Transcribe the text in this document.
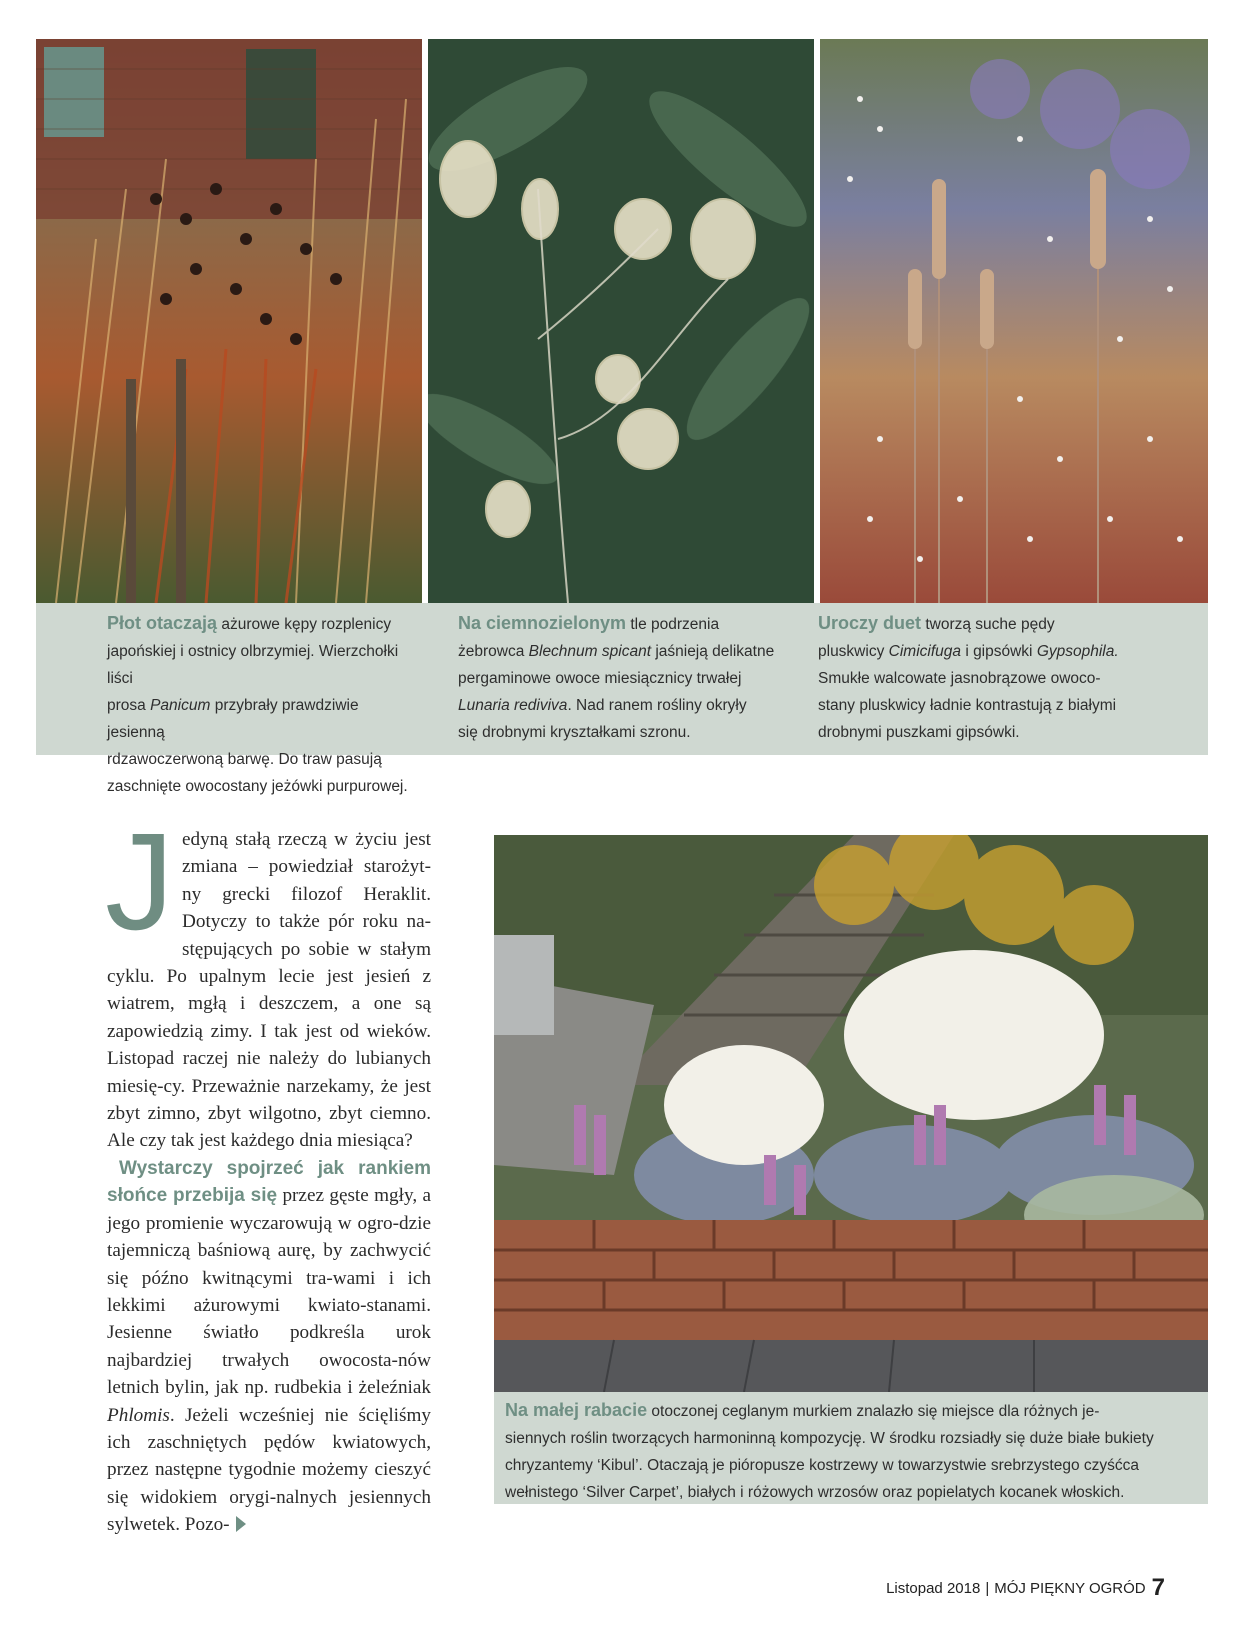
Płot otaczają ażurowe kępy rozplenicy
japońskiej i ostnicy olbrzymiej. Wierzchołki liści
prosa Panicum przybrały prawdziwie jesienną
rdzawoczerwoną barwę. Do traw pasują
zaschnięte owocostany jeżówki purpurowej.
Na ciemnozielonym tle podrzenia
żebrowca Blechnum spicant jaśnieją delikatne
pergaminowe owoce miesiącznicy trwałej
Lunaria rediviva. Nad ranem rośliny okryły
się drobnymi kryształkami szronu.
Uroczy duet tworzą suche pędy
pluskwicy Cimicifuga i gipsówki Gypsophila.
Smukłe walcowate jasnobrązowe owoco-
stany pluskwicy ładnie kontrastują z białymi
drobnymi puszkami gipsówki.

Jedyną stałą rzeczą w życiu jest zmiana – powiedział starożyt-ny grecki filozof Heraklit. Dotyczy to także pór roku na-stępujących po sobie w stałym cyklu. Po upalnym lecie jest jesień z wiatrem, mgłą i deszczem, a one są zapowiedzią zimy. I tak jest od wieków. Listopad raczej nie należy do lubianych miesię-cy. Przeważnie narzekamy, że jest zbyt zimno, zbyt wilgotno, zbyt ciemno. Ale czy tak jest każdego dnia miesiąca?

Wystarczy spojrzeć jak rankiem słońce przebija się przez gęste mgły, a jego promienie wyczarowują w ogro-dzie tajemniczą baśniową aurę, by zachwycić się późno kwitnącymi tra-wami i ich lekkimi ażurowymi kwiato-stanami. Jesienne światło podkreśla urok najbardziej trwałych owocosta-nów letnich bylin, jak np. rudbekia i żeleźniak Phlomis. Jeżeli wcześniej nie ścięliśmy ich zaschniętych pędów kwiatowych, przez następne tygodnie możemy cieszyć się widokiem orygi-nalnych jesiennych sylwetek. Pozo-

Na małej rabacie otoczonej ceglanym murkiem znalazło się miejsce dla różnych je-
siennych roślin tworzących harmoninną kompozycję. W środku rozsiadły się duże białe bukiety
chryzantemy ‘Kibul’. Otaczają je pióropusze kostrzewy w towarzystwie srebrzystego czyśćca
wełnistego ‘Silver Carpet’, białych i różowych wrzosów oraz popielatych kocanek włoskich.
Listopad 2018 | MÓJ PIĘKNY OGRÓD 7
